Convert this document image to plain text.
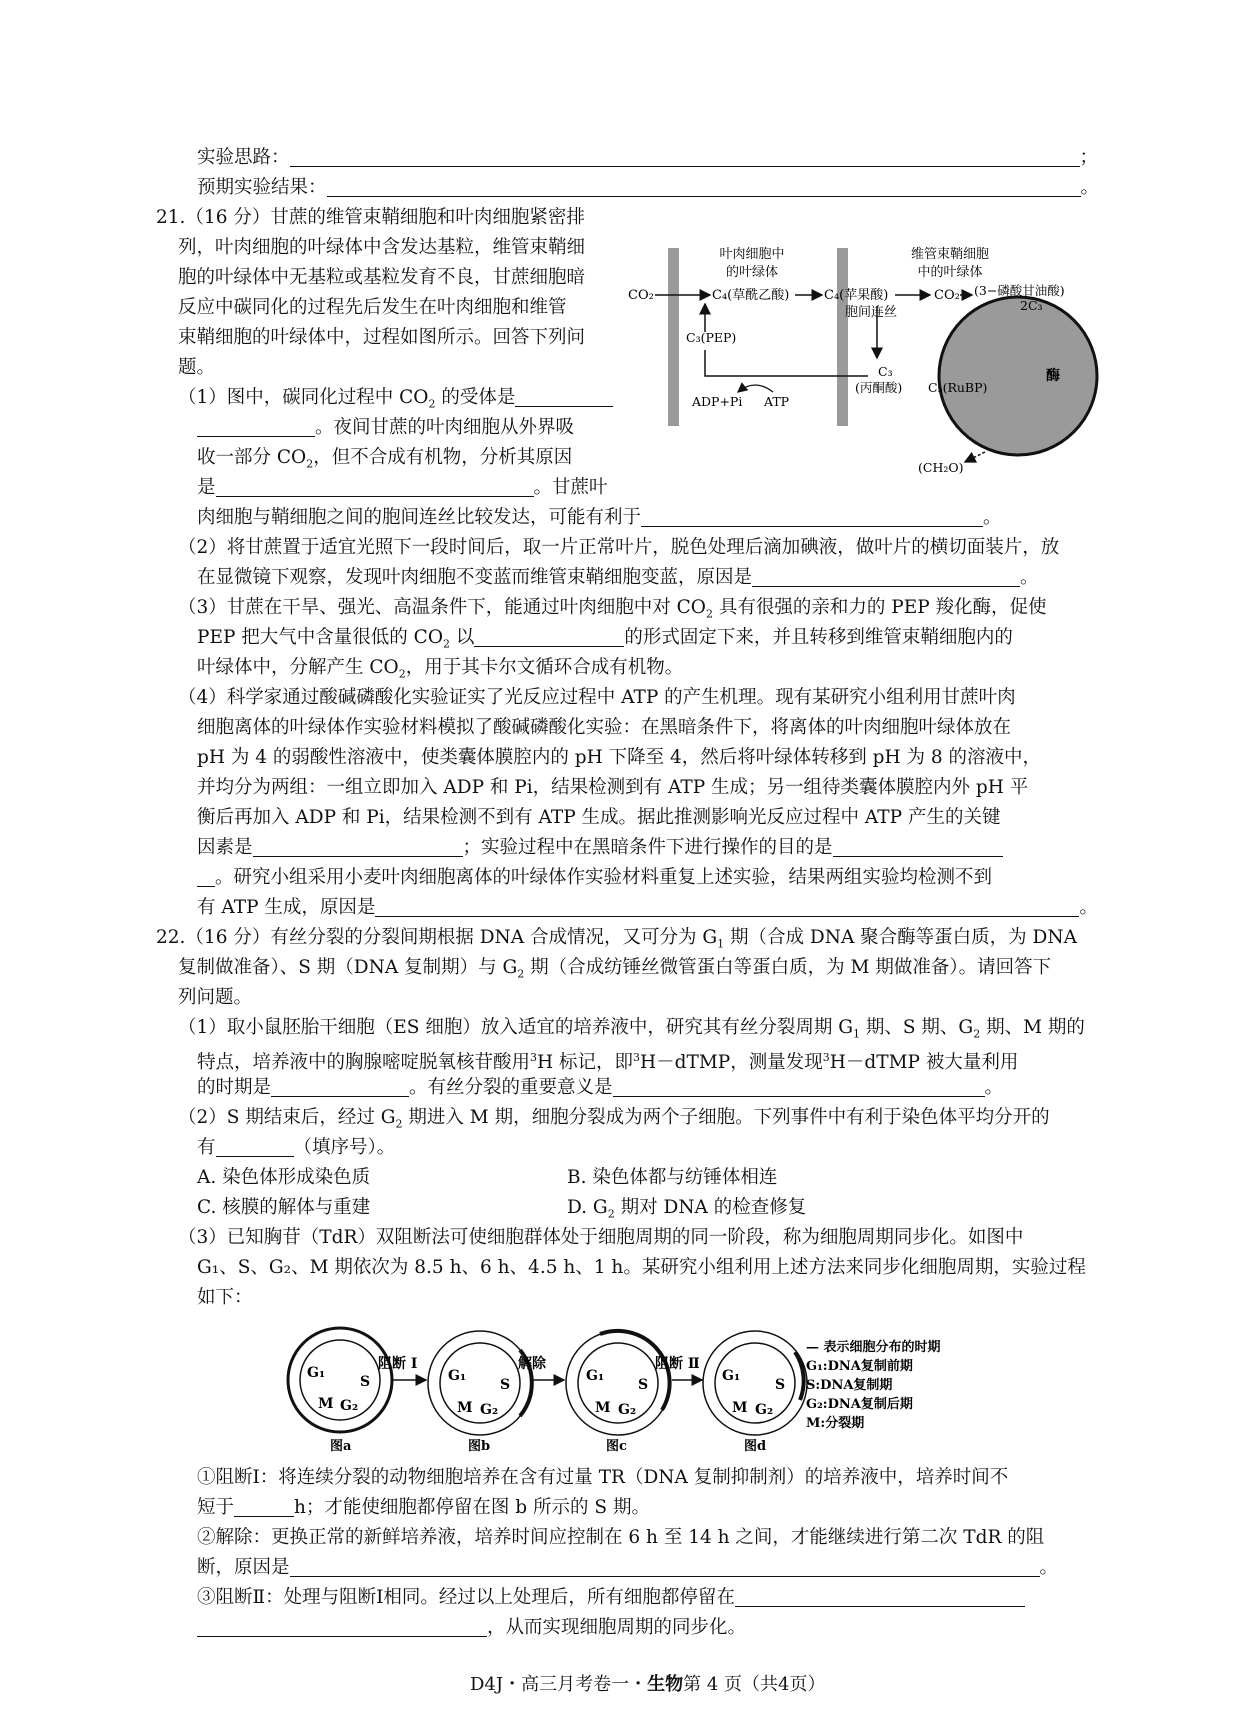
实验思路：	；
预期实验结果：	。
21.（16 分）甘蔗的维管束鞘细胞和叶肉细胞紧密排
列，叶肉细胞的叶绿体中含发达基粒，维管束鞘细
胞的叶绿体中无基粒或基粒发育不良，甘蔗细胞暗
反应中碳同化的过程先后发生在叶肉细胞和维管
束鞘细胞的叶绿体中，过程如图所示。回答下列问
题。
（1）图中，碳同化过程中 $CO_2$ 的受体是
。夜间甘蔗的叶肉细胞从外界吸
收一部分 $CO_2$，但不合成有机物，分析其原因
是	。甘蔗叶
肉细胞与鞘细胞之间的胞间连丝比较发达，可能有利于	。
（2）将甘蔗置于适宜光照下一段时间后，取一片正常叶片，脱色处理后滴加碘液，做叶片的横切面装片，放
在显微镜下观察，发现叶肉细胞不变蓝而维管束鞘细胞变蓝，原因是	。
（3）甘蔗在干旱、强光、高温条件下，能通过叶肉细胞中对 $CO_2$ 具有很强的亲和力的 PEP 羧化酶，促使
PEP 把大气中含量很低的 $CO_2$ 以	的形式固定下来，并且转移到维管束鞘细胞内的
叶绿体中，分解产生 $CO_2$，用于其卡尔文循环合成有机物。
（4）科学家通过酸碱磷酸化实验证实了光反应过程中 ATP 的产生机理。现有某研究小组利用甘蔗叶肉
细胞离体的叶绿体作实验材料模拟了酸碱磷酸化实验：在黑暗条件下，将离体的叶肉细胞叶绿体放在
pH 为 4 的弱酸性溶液中，使类囊体膜腔内的 pH 下降至 4，然后将叶绿体转移到 pH 为 8 的溶液中，
并均分为两组：一组立即加入 ADP 和 Pi，结果检测到有 ATP 生成；另一组待类囊体膜腔内外 pH 平
衡后再加入 ADP 和 Pi，结果检测不到有 ATP 生成。据此推测影响光反应过程中 ATP 产生的关键
因素是	；实验过程中在黑暗条件下进行操作的目的是
。研究小组采用小麦叶肉细胞离体的叶绿体作实验材料重复上述实验，结果两组实验均检测不到
有 ATP 生成，原因是	。
叶肉细胞中
的叶绿体
维管束鞘细胞
中的叶绿体
CO₂	C₄(草酰乙酸)	C₄(苹果酸)
胞间连丝
CO₂ (3−磷酸甘油酸)
2C₃
C₃(PEP)
C₃
(丙酮酸)
ADP+Pi ATP
C₅(RuBP)
酶
(CH₂O)
22.（16 分）有丝分裂的分裂间期根据 DNA 合成情况，又可分为 $G_1$ 期（合成 DNA 聚合酶等蛋白质，为 DNA
复制做准备）、S 期（DNA 复制期）与 $G_2$ 期（合成纺锤丝微管蛋白等蛋白质，为 M 期做准备）。请回答下
列问题。
（1）取小鼠胚胎干细胞（ES 细胞）放入适宜的培养液中，研究其有丝分裂周期 $G_1$ 期、S 期、$G_2$ 期、M 期的
特点，培养液中的胸腺嘧啶脱氧核苷酸用$^3$H 标记，即$^3$H－dTMP，测量发现$^3$H－dTMP 被大量利用
的时期是	。有丝分裂的重要意义是	。
（2）S 期结束后，经过 $G_2$ 期进入 M 期，细胞分裂成为两个子细胞。下列事件中有利于染色体平均分开的
有	（填序号）。
A. 染色体形成染色质	B. 染色体都与纺锤体相连
C. 核膜的解体与重建	D. $G_2$ 期对 DNA 的检查修复
（3）已知胸苷（TdR）双阻断法可使细胞群体处于细胞周期的同一阶段，称为细胞周期同步化。如图中
G₁、S、G₂、M 期依次为 8.5 h、6 h、4.5 h、1 h。某研究小组利用上述方法来同步化细胞周期，实验过程
如下：
G₁
S
M G₂
G₁
S
M G₂
G₁
S
M G₂
G₁
S
M G₂
阻断 Ⅰ	解除	阻断 Ⅱ
图a	图b	图c	图d
— 表示细胞分布的时期
G₁:DNA复制前期
S:DNA复制期
G₂:DNA复制后期
M:分裂期
①阻断Ⅰ：将连续分裂的动物细胞培养在含有过量 TR（DNA 复制抑制剂）的培养液中，培养时间不
短于	h；才能使细胞都停留在图 b 所示的 S 期。
②解除：更换正常的新鲜培养液，培养时间应控制在 6 h 至 14 h 之间，才能继续进行第二次 TdR 的阻
断，原因是	。
③阻断Ⅱ：处理与阻断Ⅰ相同。经过以上处理后，所有细胞都停留在
，从而实现细胞周期的同步化。
D4J・高三月考卷一・生物第 4 页（共4页）
